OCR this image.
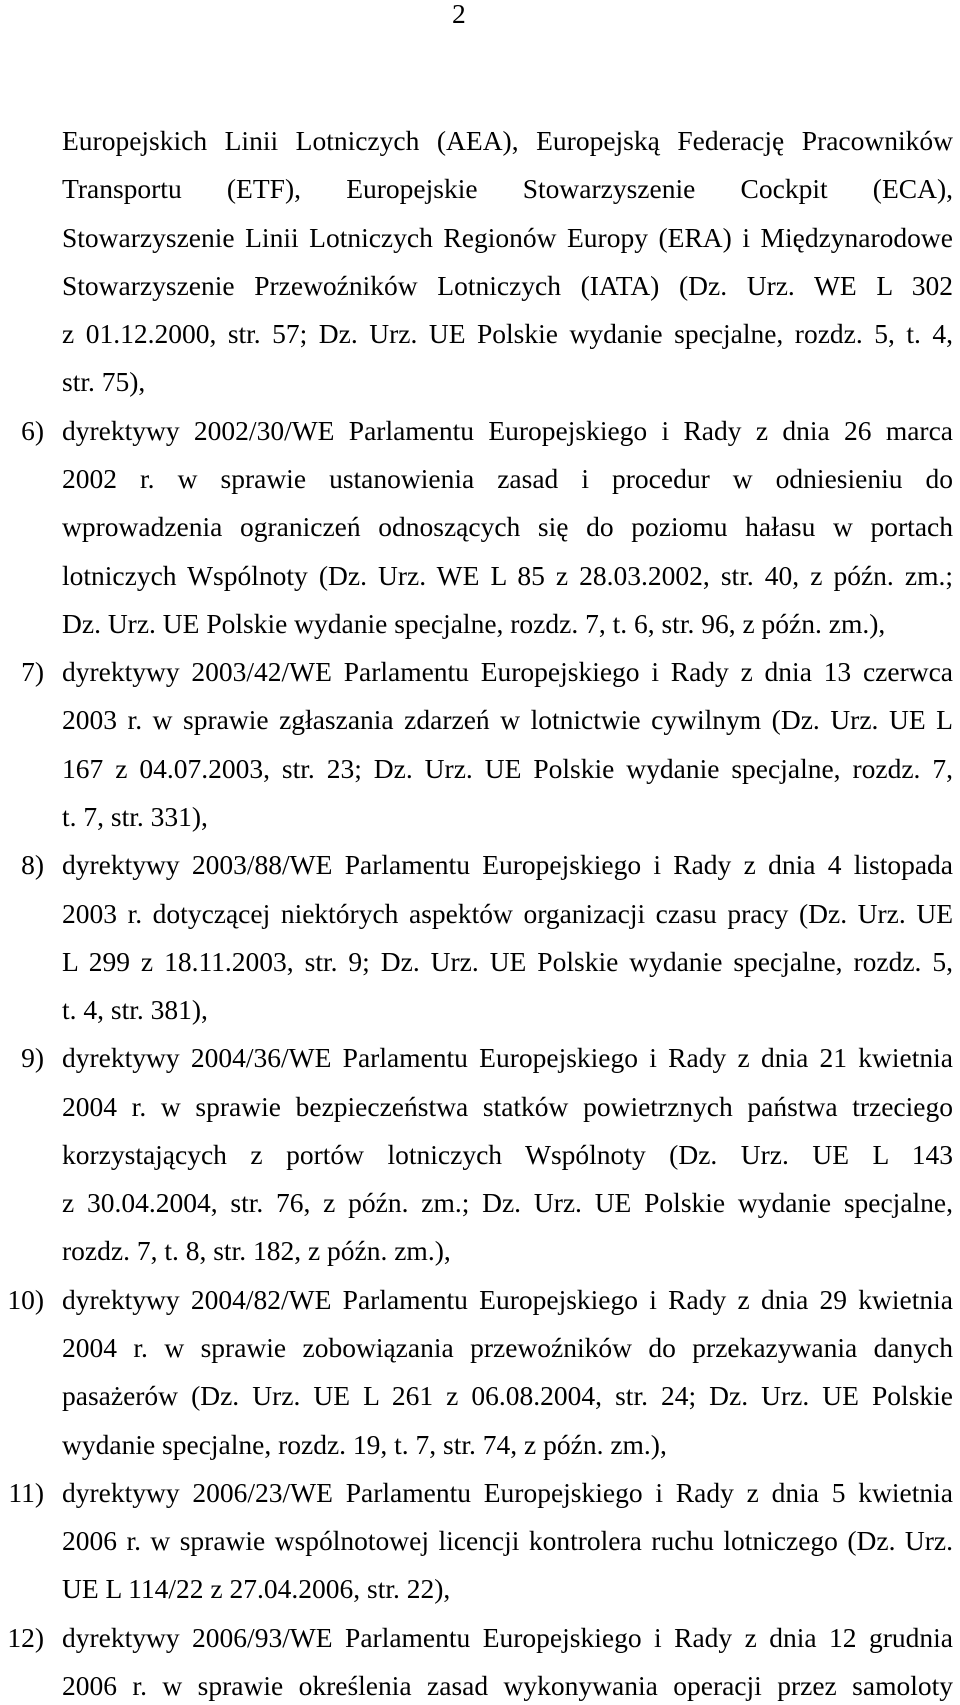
2
Europejskich Linii Lotniczych (AEA), Europejską Federację Pracowników
Transportu (ETF), Europejskie Stowarzyszenie Cockpit (ECA),
Stowarzyszenie Linii Lotniczych Regionów Europy (ERA) i Międzynarodowe
Stowarzyszenie Przewoźników Lotniczych (IATA) (Dz. Urz. WE L 302
z 01.12.2000, str. 57; Dz. Urz. UE Polskie wydanie specjalne, rozdz. 5, t. 4,
str. 75),
6) dyrektywy 2002/30/WE Parlamentu Europejskiego i Rady z dnia 26 marca
2002 r. w sprawie ustanowienia zasad i procedur w odniesieniu do
wprowadzenia ograniczeń odnoszących się do poziomu hałasu w portach
lotniczych Wspólnoty (Dz. Urz. WE L 85 z 28.03.2002, str. 40, z późn. zm.;
Dz. Urz. UE Polskie wydanie specjalne, rozdz. 7, t. 6, str. 96, z późn. zm.),
7) dyrektywy 2003/42/WE Parlamentu Europejskiego i Rady z dnia 13 czerwca
2003 r. w sprawie zgłaszania zdarzeń w lotnictwie cywilnym (Dz. Urz. UE L
167 z 04.07.2003, str. 23; Dz. Urz. UE Polskie wydanie specjalne, rozdz. 7,
t. 7, str. 331),
8) dyrektywy 2003/88/WE Parlamentu Europejskiego i Rady z dnia 4 listopada
2003 r. dotyczącej niektórych aspektów organizacji czasu pracy (Dz. Urz. UE
L 299 z 18.11.2003, str. 9; Dz. Urz. UE Polskie wydanie specjalne, rozdz. 5,
t. 4, str. 381),
9) dyrektywy 2004/36/WE Parlamentu Europejskiego i Rady z dnia 21 kwietnia
2004 r. w sprawie bezpieczeństwa statków powietrznych państwa trzeciego
korzystających z portów lotniczych Wspólnoty (Dz. Urz. UE L 143
z 30.04.2004, str. 76, z późn. zm.; Dz. Urz. UE Polskie wydanie specjalne,
rozdz. 7, t. 8, str. 182, z późn. zm.),
10) dyrektywy 2004/82/WE Parlamentu Europejskiego i Rady z dnia 29 kwietnia
2004 r. w sprawie zobowiązania przewoźników do przekazywania danych
pasażerów (Dz. Urz. UE L 261 z 06.08.2004, str. 24; Dz. Urz. UE Polskie
wydanie specjalne, rozdz. 19, t. 7, str. 74, z późn. zm.),
11) dyrektywy 2006/23/WE Parlamentu Europejskiego i Rady z dnia 5 kwietnia
2006 r. w sprawie wspólnotowej licencji kontrolera ruchu lotniczego (Dz. Urz.
UE L 114/22 z 27.04.2006, str. 22),
12) dyrektywy 2006/93/WE Parlamentu Europejskiego i Rady z dnia 12 grudnia
2006 r. w sprawie określenia zasad wykonywania operacji przez samoloty
